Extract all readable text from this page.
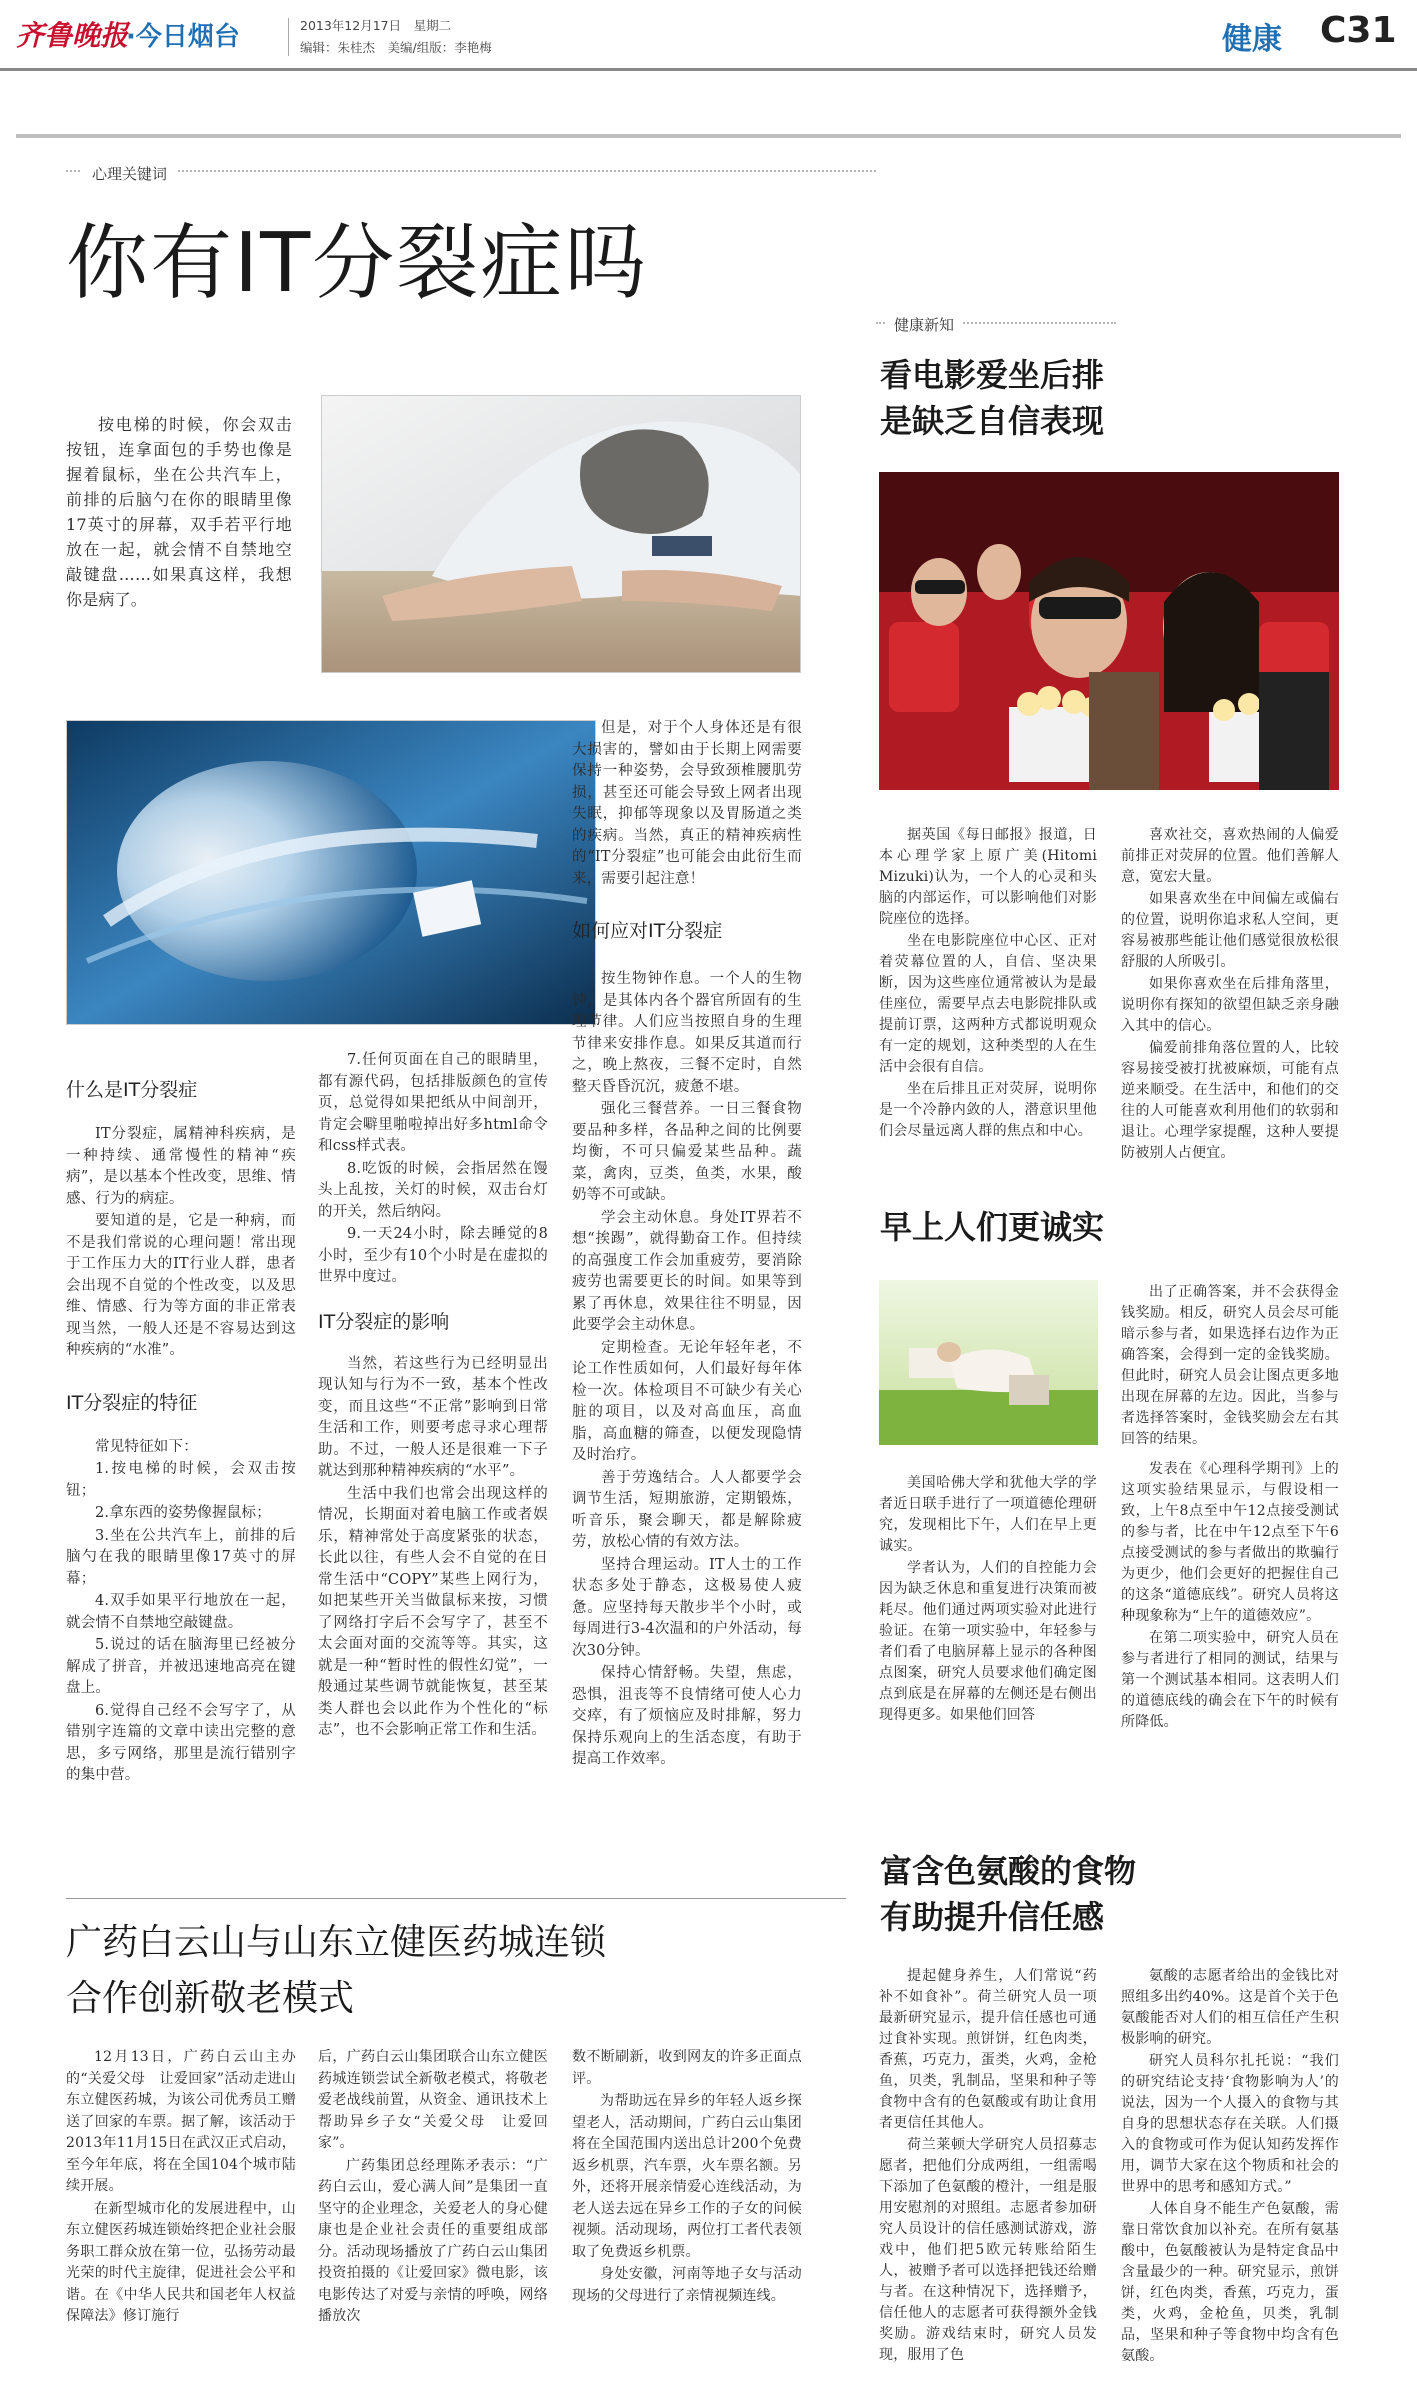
齐鲁晚报
·今日烟台	2013年12月17日　 星期二
编辑：朱桂杰　 美编/组版：李艳梅	健康 C31
心理关键词
你有IT分裂症吗

按电梯的时候，你会双击按钮，连拿面包的手势也像是握着鼠标，坐在公共汽车上，前排的后脑勺在你的眼睛里像17英寸的屏幕，双手若平行地放在一起，就会情不自禁地空敲键盘……如果真这样，我想你是病了。

什么是IT分裂症

IT分裂症，属精神科疾病，是一种持续、通常慢性的精神“疾病”，是以基本个性改变，思维、情感、行为的病症。

要知道的是，它是一种病，而不是我们常说的心理问题！常出现于工作压力大的IT行业人群，患者会出现不自觉的个性改变，以及思维、情感、行为等方面的非正常表现当然，一般人还是不容易达到这种疾病的“水准”。

IT分裂症的特征

常见特征如下：

1.按电梯的时候，会双击按钮；

2.拿东西的姿势像握鼠标；

3.坐在公共汽车上，前排的后脑勺在我的眼睛里像17英寸的屏幕；

4.双手如果平行地放在一起，就会情不自禁地空敲键盘。

5.说过的话在脑海里已经被分解成了拼音，并被迅速地高亮在键盘上。

6.觉得自己经不会写字了，从错别字连篇的文章中读出完整的意思，多亏网络，那里是流行错别字的集中营。

7.任何页面在自己的眼睛里，都有源代码，包括排版颜色的宣传页，总觉得如果把纸从中间剖开，肯定会噼里啪啦掉出好多html命令和css样式表。

8.吃饭的时候，会指居然在馒头上乱按，关灯的时候，双击台灯的开关，然后纳闷。

9.一天24小时，除去睡觉的8小时，至少有10个小时是在虚拟的世界中度过。

IT分裂症的影响

当然，若这些行为已经明显出现认知与行为不一致，基本个性改变，而且这些“不正常”影响到日常生活和工作，则要考虑寻求心理帮助。不过，一般人还是很难一下子就达到那种精神疾病的“水平”。

生活中我们也常会出现这样的情况，长期面对着电脑工作或者娱乐，精神常处于高度紧张的状态，长此以往，有些人会不自觉的在日常生活中“COPY”某些上网行为，如把某些开关当做鼠标来按，习惯了网络打字后不会写字了，甚至不太会面对面的交流等等。其实，这就是一种“暂时性的假性幻觉”，一般通过某些调节就能恢复，甚至某类人群也会以此作为个性化的“标志”，也不会影响正常工作和生活。

但是，对于个人身体还是有很大损害的，譬如由于长期上网需要保持一种姿势，会导致颈椎腰肌劳损，甚至还可能会导致上网者出现失眠，抑郁等现象以及胃肠道之类的疾病。当然，真正的精神疾病性的“IT分裂症”也可能会由此衍生而来，需要引起注意！

如何应对IT分裂症

按生物钟作息。一个人的生物钟，是其体内各个器官所固有的生理节律。人们应当按照自身的生理节律来安排作息。如果反其道而行之，晚上熬夜，三餐不定时，自然整天昏昏沉沉，疲惫不堪。

强化三餐营养。一日三餐食物要品种多样，各品种之间的比例要均衡，不可只偏爱某些品种。蔬菜，禽肉，豆类，鱼类，水果，酸奶等不可或缺。

学会主动休息。身处IT界若不想“挨踢”，就得勤奋工作。但持续的高强度工作会加重疲劳，要消除疲劳也需要更长的时间。如果等到累了再休息，效果往往不明显，因此要学会主动休息。

定期检查。无论年轻年老，不论工作性质如何，人们最好每年体检一次。体检项目不可缺少有关心脏的项目，以及对高血压，高血脂，高血糖的筛查，以便发现隐情及时治疗。

善于劳逸结合。人人都要学会调节生活，短期旅游，定期锻炼，听音乐，聚会聊天，都是解除疲劳，放松心情的有效方法。

坚持合理运动。IT人士的工作状态多处于静态，这极易使人疲惫。应坚持每天散步半个小时，或每周进行3-4次温和的户外活动，每次30分钟。

保持心情舒畅。失望，焦虑，恐惧，沮丧等不良情绪可使人心力交瘁，有了烦恼应及时排解，努力保持乐观向上的生活态度，有助于提高工作效率。

健康新知
看电影爱坐后排
是缺乏自信表现

据英国《每日邮报》报道，日本心理学家上原广美(Hitomi Mizuki)认为，一个人的心灵和头脑的内部运作，可以影响他们对影院座位的选择。

坐在电影院座位中心区、正对着荧幕位置的人，自信、坚决果断，因为这些座位通常被认为是最佳座位，需要早点去电影院排队或提前订票，这两种方式都说明观众有一定的规划，这种类型的人在生活中会很有自信。

坐在后排且正对荧屏，说明你是一个冷静内敛的人，潜意识里他们会尽量远离人群的焦点和中心。

喜欢社交，喜欢热闹的人偏爱前排正对荧屏的位置。他们善解人意，宽宏大量。

如果喜欢坐在中间偏左或偏右的位置，说明你追求私人空间，更容易被那些能让他们感觉很放松很舒服的人所吸引。

如果你喜欢坐在后排角落里，说明你有探知的欲望但缺乏亲身融入其中的信心。

偏爱前排角落位置的人，比较容易接受被打扰被麻烦，可能有点逆来顺受。在生活中，和他们的交往的人可能喜欢利用他们的软弱和退让。心理学家提醒，这种人要提防被别人占便宜。

早上人们更诚实

出了正确答案，并不会获得金钱奖励。相反，研究人员会尽可能暗示参与者，如果选择右边作为正确答案，会得到一定的金钱奖励。但此时，研究人员会让图点更多地出现在屏幕的左边。因此，当参与者选择答案时，金钱奖励会左右其回答的结果。

美国哈佛大学和犹他大学的学者近日联手进行了一项道德伦理研究，发现相比下午，人们在早上更诚实。

学者认为，人们的自控能力会因为缺乏休息和重复进行决策而被耗尽。他们通过两项实验对此进行验证。在第一项实验中，年轻参与者们看了电脑屏幕上显示的各种图点图案，研究人员要求他们确定图点到底是在屏幕的左侧还是右侧出现得更多。如果他们回答

发表在《心理科学期刊》上的这项实验结果显示，与假设相一致，上午8点至中午12点接受测试的参与者，比在中午12点至下午6点接受测试的参与者做出的欺骗行为更少，他们会更好的把握住自己的这条“道德底线”。研究人员将这种现象称为“上午的道德效应”。

在第二项实验中，研究人员在参与者进行了相同的测试，结果与第一个测试基本相同。这表明人们的道德底线的确会在下午的时候有所降低。

富含色氨酸的食物
有助提升信任感

提起健身养生，人们常说“药补不如食补”。荷兰研究人员一项最新研究显示，提升信任感也可通过食补实现。煎饼饼，红色肉类，香蕉，巧克力，蛋类，火鸡，金枪鱼，贝类，乳制品，坚果和种子等食物中含有的色氨酸或有助让食用者更信任其他人。

荷兰莱顿大学研究人员招募志愿者，把他们分成两组，一组需喝下添加了色氨酸的橙汁，一组是服用安慰剂的对照组。志愿者参加研究人员设计的信任感测试游戏，游戏中，他们把5欧元转账给陌生人，被赠予者可以选择把钱还给赠与者。在这种情况下，选择赠予，信任他人的志愿者可获得额外金钱奖励。游戏结束时，研究人员发现，服用了色

氨酸的志愿者给出的金钱比对照组多出约40%。这是首个关于色氨酸能否对人们的相互信任产生积极影响的研究。

研究人员科尔扎托说：“我们的研究结论支持‘食物影响为人’的说法，因为一个人摄入的食物与其自身的思想状态存在关联。人们摄入的食物或可作为促认知药发挥作用，调节大家在这个物质和社会的世界中的思考和感知方式。”

人体自身不能生产色氨酸，需靠日常饮食加以补充。在所有氨基酸中，色氨酸被认为是特定食品中含量最少的一种。研究显示，煎饼饼，红色肉类，香蕉，巧克力，蛋类，火鸡，金枪鱼，贝类，乳制品，坚果和种子等食物中均含有色氨酸。

广药白云山与山东立健医药城连锁
合作创新敬老模式

12月13日，广药白云山主办的“关爱父母　让爱回家”活动走进山东立健医药城，为该公司优秀员工赠送了回家的车票。据了解，该活动于2013年11月15日在武汉正式启动，至今年年底，将在全国104个城市陆续开展。

在新型城市化的发展进程中，山东立健医药城连锁始终把企业社会服务职工群众放在第一位，弘扬劳动最光荣的时代主旋律，促进社会公平和谐。在《中华人民共和国老年人权益保障法》修订施行

后，广药白云山集团联合山东立健医药城连锁尝试全新敬老模式，将敬老爱老战线前置，从资金、通讯技术上帮助异乡子女“关爱父母　让爱回家”。

广药集团总经理陈矛表示：“广药白云山，爱心满人间”是集团一直坚守的企业理念，关爱老人的身心健康也是企业社会责任的重要组成部分。活动现场播放了广药白云山集团投资拍摄的《让爱回家》微电影，该电影传达了对爱与亲情的呼唤，网络播放次

数不断刷新，收到网友的许多正面点评。

为帮助远在异乡的年轻人返乡探望老人，活动期间，广药白云山集团将在全国范围内送出总计200个免费返乡机票，汽车票，火车票名额。另外，还将开展亲情爱心连线活动，为老人送去远在异乡工作的子女的问候视频。活动现场，两位打工者代表领取了免费返乡机票。

身处安徽，河南等地子女与活动现场的父母进行了亲情视频连线。
